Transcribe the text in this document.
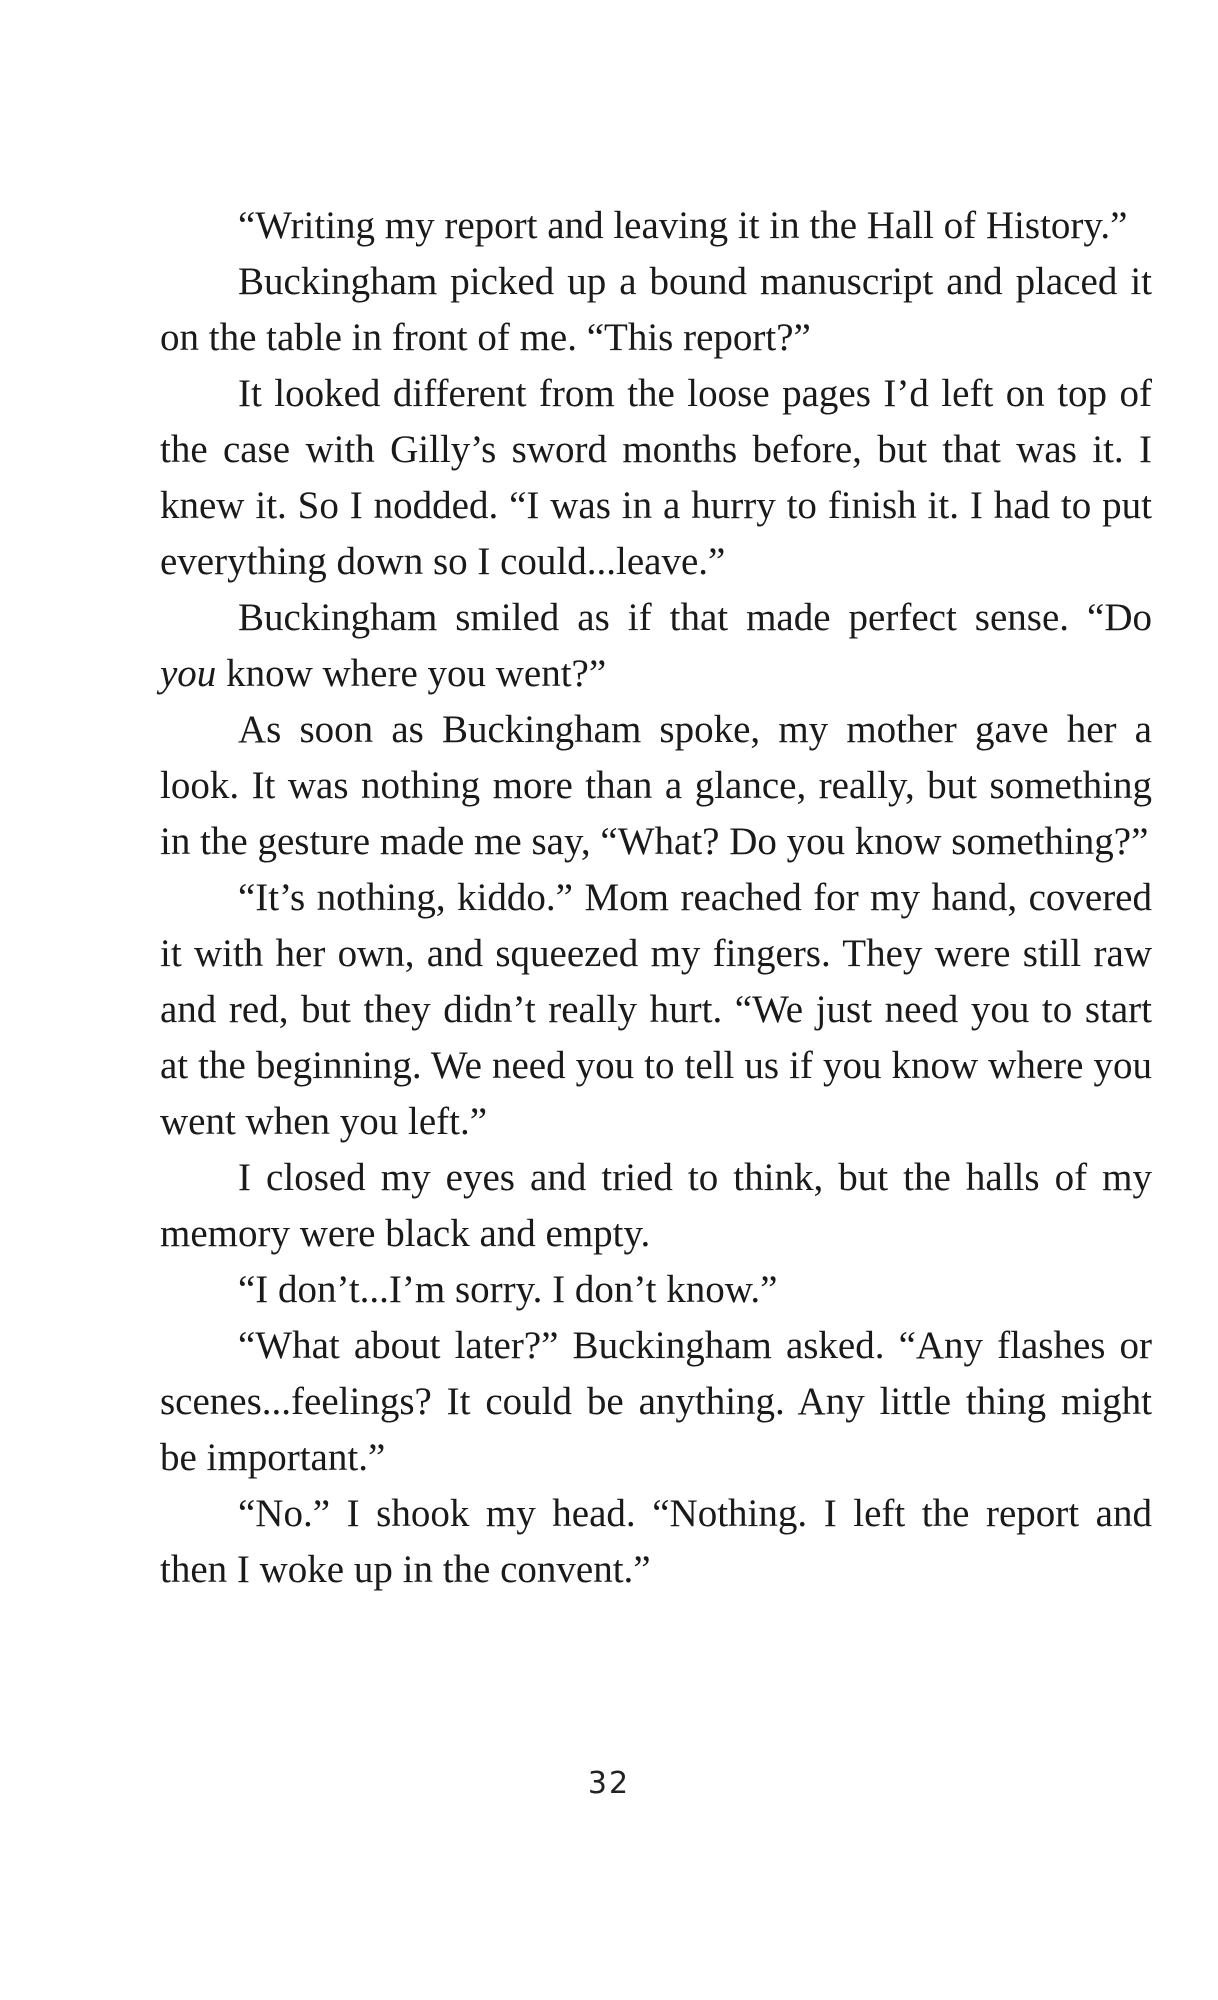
“Writing my report and leaving it in the Hall of History.”

Buckingham picked up a bound manuscript and placed it on the table in front of me. “This report?”

It looked different from the loose pages I’d left on top of the case with Gilly’s sword months before, but that was it. I knew it. So I nodded. “I was in a hurry to finish it. I had to put everything down so I could...leave.”

Buckingham smiled as if that made perfect sense. “Do you know where you went?”

As soon as Buckingham spoke, my mother gave her a look. It was nothing more than a glance, really, but something in the gesture made me say, “What? Do you know something?”

“It’s nothing, kiddo.” Mom reached for my hand, covered it with her own, and squeezed my fingers. They were still raw and red, but they didn’t really hurt. “We just need you to start at the beginning. We need you to tell us if you know where you went when you left.”

I closed my eyes and tried to think, but the halls of my memory were black and empty.

“I don’t...I’m sorry. I don’t know.”

“What about later?” Buckingham asked. “Any flashes or scenes...feelings? It could be anything. Any little thing might be important.”

“No.” I shook my head. “Nothing. I left the report and then I woke up in the convent.”

32
